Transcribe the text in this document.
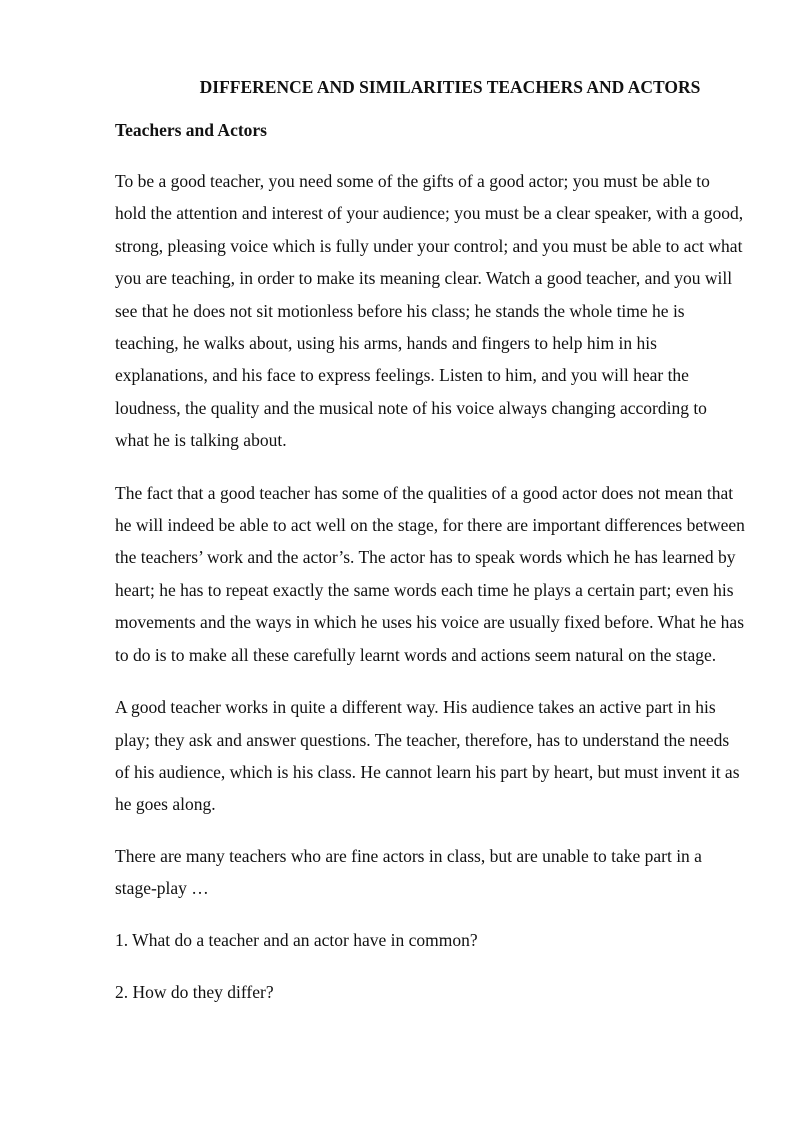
DIFFERENCE AND SIMILARITIES TEACHERS AND ACTORS
Teachers and Actors

To be a good teacher, you need some of the gifts of a good actor; you must be able to hold the attention and interest of your audience; you must be a clear speaker, with a good, strong, pleasing voice which is fully under your control; and you must be able to act what you are teaching, in order to make its meaning clear. Watch a good teacher, and you will see that he does not sit motionless before his class; he stands the whole time he is teaching, he walks about, using his arms, hands and fingers to help him in his explanations, and his face to express feelings. Listen to him, and you will hear the loudness, the quality and the musical note of his voice always changing according to what he is talking about.

The fact that a good teacher has some of the qualities of a good actor does not mean that he will indeed be able to act well on the stage, for there are important differences between the teachers’ work and the actor’s. The actor has to speak words which he has learned by heart; he has to repeat exactly the same words each time he plays a certain part; even his movements and the ways in which he uses his voice are usually fixed before. What he has to do is to make all these carefully learnt words and actions seem natural on the stage.

A good teacher works in quite a different way. His audience takes an active part in his play; they ask and answer questions. The teacher, therefore, has to understand the needs of his audience, which is his class. He cannot learn his part by heart, but must invent it as he goes along.

There are many teachers who are fine actors in class, but are unable to take part in a stage-play …

1. What do a teacher and an actor have in common?

2. How do they differ?
